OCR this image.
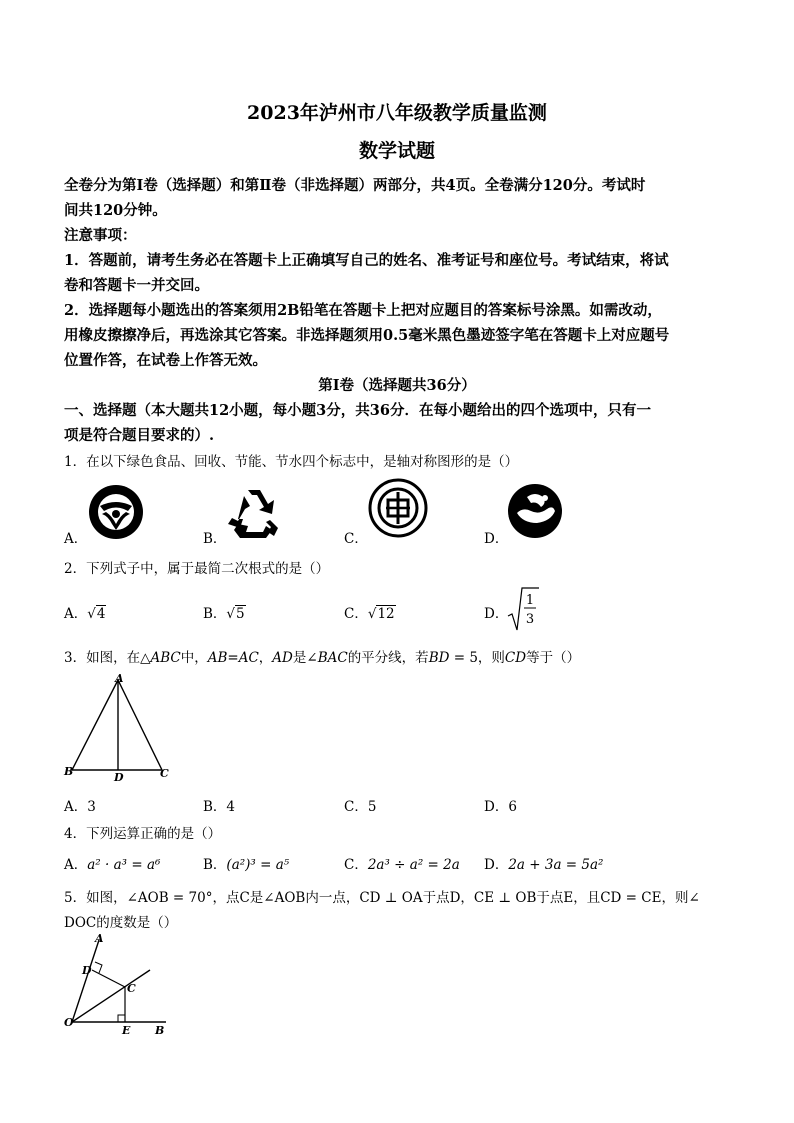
2023年泸州市八年级教学质量监测
数学试题
全卷分为第Ⅰ卷（选择题）和第Ⅱ卷（非选择题）两部分，共4页。全卷满分120分。考试时
间共120分钟。
注意事项：
1．答题前，请考生务必在答题卡上正确填写自己的姓名、准考证号和座位号。考试结束，将试
卷和答题卡一并交回。
2．选择题每小题选出的答案须用2B铅笔在答题卡上把对应题目的答案标号涂黑。如需改动，
用橡皮擦擦净后，再选涂其它答案。非选择题须用0.5毫米黑色墨迹签字笔在答题卡上对应题号
位置作答，在试卷上作答无效。
第Ⅰ卷（选择题共36分）
一、选择题（本大题共12小题，每小题3分，共36分．在每小题给出的四个选项中，只有一
项是符合题目要求的）.
1．在以下绿色食品、回收、节能、节水四个标志中，是轴对称图形的是（）
A．	B．	C．	D．
2．下列式子中，属于最简二次根式的是（）
A．√4	B．√5	C．√12	D．
1
3
3．如图，在△ABC中，AB=AC，AD是∠BAC的平分线，若BD = 5，则CD等于（）
A
B	C
D
A．3	B．4	C．5	D．6
4．下列运算正确的是（）
A．a² · a³ = a⁶	B．(a²)³ = a⁵	C．2a³ ÷ a² = 2a D．2a + 3a = 5a²
5．如图，∠AOB = 70°，点C是∠AOB内一点，CD ⊥ OA于点D，CE ⊥ OB于点E，且CD = CE，则∠
DOC的度数是（）
A
D
C
O
E B
